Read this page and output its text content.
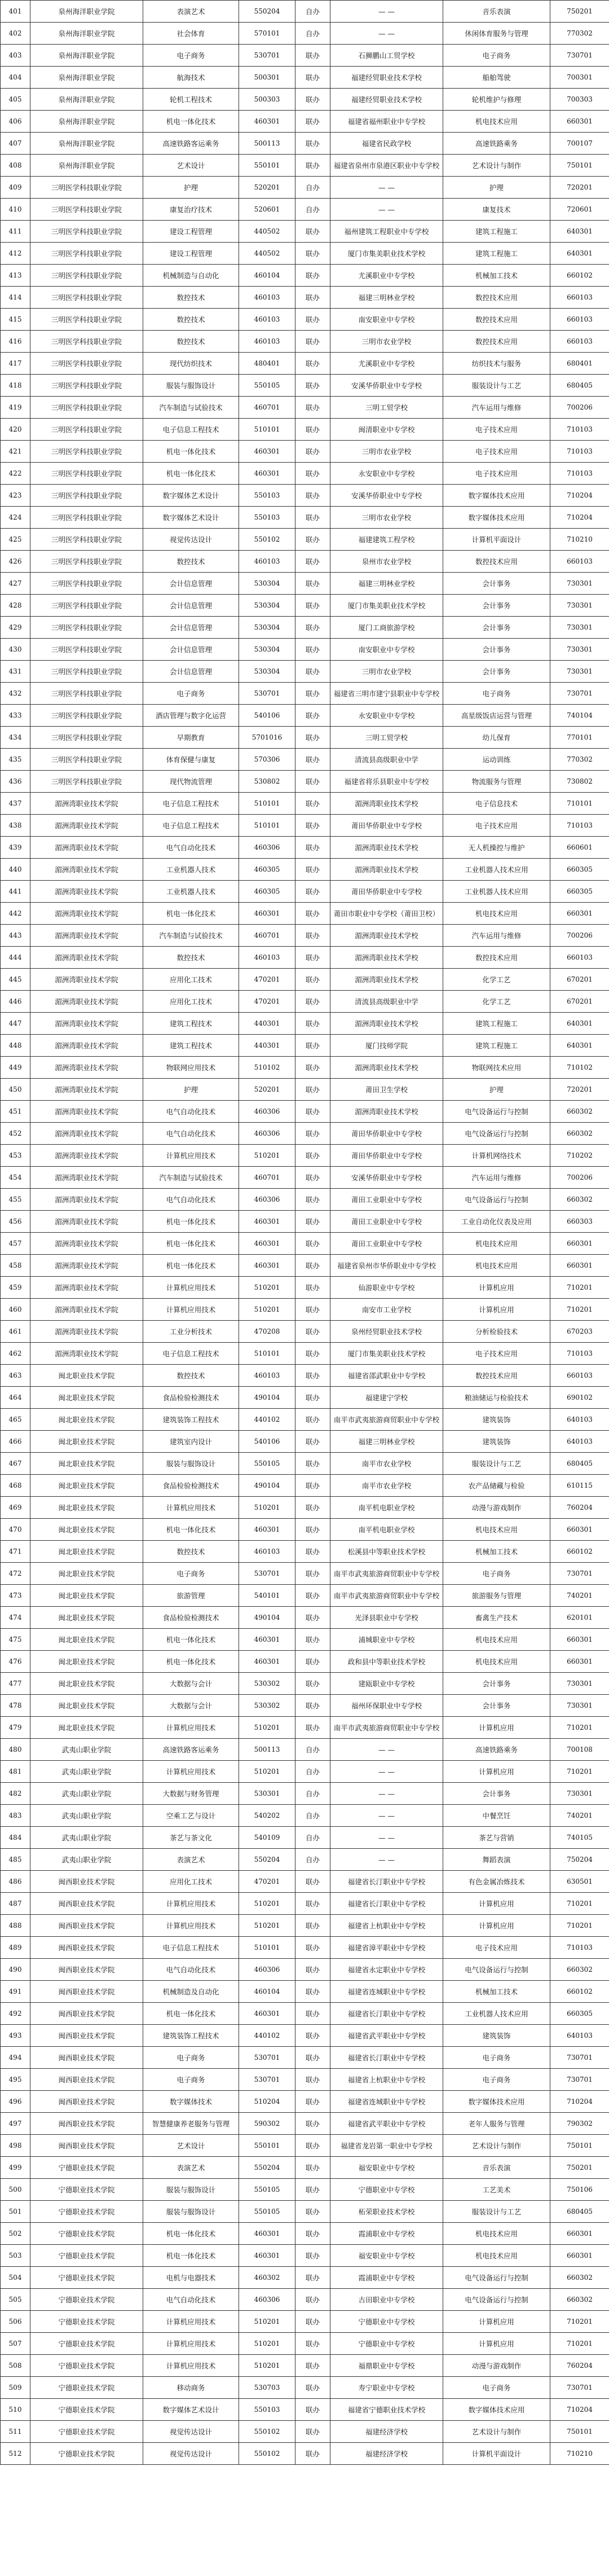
401	泉州海洋职业学院	表演艺术	550204	自办	— —	音乐表演	750201
402	泉州海洋职业学院	社会体育	570101	自办	— —	休闲体育服务与管理	770302
403	泉州海洋职业学院	电子商务	530701	联办	石狮鹏山工贸学校	电子商务	730701
404	泉州海洋职业学院	航海技术	500301	联办	福建经贸职业技术学校	船舶驾驶	700301
405	泉州海洋职业学院	轮机工程技术	500303	联办	福建经贸职业技术学校	轮机维护与修理	700303
406	泉州海洋职业学院	机电一体化技术	460301	联办	福建省福州职业中专学校	机电技术应用	660301
407	泉州海洋职业学院	高速铁路客运乘务	500113	联办	福建省民政学校	高速铁路乘务	700107
408	泉州海洋职业学院	艺术设计	550101	联办	福建省泉州市泉港区职业中专学校	艺术设计与制作	750101
409	三明医学科技职业学院	护理	520201	自办	— —	护理	720201
410	三明医学科技职业学院	康复治疗技术	520601	自办	— —	康复技术	720601
411	三明医学科技职业学院	建设工程管理	440502	联办	福州建筑工程职业中专学校	建筑工程施工	640301
412	三明医学科技职业学院	建设工程管理	440502	联办	厦门市集美职业技术学校	建筑工程施工	640301
413	三明医学科技职业学院	机械制造与自动化	460104	联办	尤溪职业中专学校	机械加工技术	660102
414	三明医学科技职业学院	数控技术	460103	联办	福建三明林业学校	数控技术应用	660103
415	三明医学科技职业学院	数控技术	460103	联办	南安职业中专学校	数控技术应用	660103
416	三明医学科技职业学院	数控技术	460103	联办	三明市农业学校	数控技术应用	660103
417	三明医学科技职业学院	现代纺织技术	480401	联办	尤溪职业中专学校	纺织技术与服务	680401
418	三明医学科技职业学院	服装与服饰设计	550105	联办	安溪华侨职业中专学校	服装设计与工艺	680405
419	三明医学科技职业学院	汽车制造与试验技术	460701	联办	三明工贸学校	汽车运用与维修	700206
420	三明医学科技职业学院	电子信息工程技术	510101	联办	闽清职业中专学校	电子技术应用	710103
421	三明医学科技职业学院	机电一体化技术	460301	联办	三明市农业学校	电子技术应用	710103
422	三明医学科技职业学院	机电一体化技术	460301	联办	永安职业中专学校	电子技术应用	710103
423	三明医学科技职业学院	数字媒体艺术设计	550103	联办	安溪华侨职业中专学校	数字媒体技术应用	710204
424	三明医学科技职业学院	数字媒体艺术设计	550103	联办	三明市农业学校	数字媒体技术应用	710204
425	三明医学科技职业学院	视觉传达设计	550102	联办	福建建筑工程学校	计算机平面设计	710210
426	三明医学科技职业学院	数控技术	460103	联办	泉州市农业学校	数控技术应用	660103
427	三明医学科技职业学院	会计信息管理	530304	联办	福建三明林业学校	会计事务	730301
428	三明医学科技职业学院	会计信息管理	530304	联办	厦门市集美职业技术学校	会计事务	730301
429	三明医学科技职业学院	会计信息管理	530304	联办	厦门工商旅游学校	会计事务	730301
430	三明医学科技职业学院	会计信息管理	530304	联办	南安职业中专学校	会计事务	730301
431	三明医学科技职业学院	会计信息管理	530304	联办	三明市农业学校	会计事务	730301
432	三明医学科技职业学院	电子商务	530701	联办	福建省三明市建宁县职业中专学校	电子商务	730701
433	三明医学科技职业学院	酒店管理与数字化运营	540106	联办	永安职业中专学校	高星级饭店运营与管理	740104
434	三明医学科技职业学院	早期教育	5701016	联办	三明工贸学校	幼儿保育	770101
435	三明医学科技职业学院	体育保健与康复	570306	联办	清流县高级职业中学	运动训练	770302
436	三明医学科技职业学院	现代物流管理	530802	联办	福建省将乐县职业中专学校	物流服务与管理	730802
437	湄洲湾职业技术学院	电子信息工程技术	510101	联办	湄洲湾职业技术学校	电子信息技术	710101
438	湄洲湾职业技术学院	电子信息工程技术	510101	联办	莆田华侨职业中专学校	电子技术应用	710103
439	湄洲湾职业技术学院	电气自动化技术	460306	联办	湄洲湾职业技术学校	无人机操控与维护	660601
440	湄洲湾职业技术学院	工业机器人技术	460305	联办	湄洲湾职业技术学校	工业机器人技术应用	660305
441	湄洲湾职业技术学院	工业机器人技术	460305	联办	莆田华侨职业中专学校	工业机器人技术应用	660305
442	湄洲湾职业技术学院	机电一体化技术	460301	联办	莆田市职业中专学校（莆田卫校）	机电技术应用	660301
443	湄洲湾职业技术学院	汽车制造与试验技术	460701	联办	湄洲湾职业技术学校	汽车运用与维修	700206
444	湄洲湾职业技术学院	数控技术	460103	联办	湄洲湾职业技术学校	数控技术应用	660103
445	湄洲湾职业技术学院	应用化工技术	470201	联办	湄洲湾职业技术学校	化学工艺	670201
446	湄洲湾职业技术学院	应用化工技术	470201	联办	清流县高级职业中学	化学工艺	670201
447	湄洲湾职业技术学院	建筑工程技术	440301	联办	湄洲湾职业技术学校	建筑工程施工	640301
448	湄洲湾职业技术学院	建筑工程技术	440301	联办	厦门技师学院	建筑工程施工	640301
449	湄洲湾职业技术学院	物联网应用技术	510102	联办	湄洲湾职业技术学校	物联网技术应用	710102
450	湄洲湾职业技术学院	护理	520201	联办	莆田卫生学校	护理	720201
451	湄洲湾职业技术学院	电气自动化技术	460306	联办	湄洲湾职业技术学校	电气设备运行与控制	660302
452	湄洲湾职业技术学院	电气自动化技术	460306	联办	莆田华侨职业中专学校	电气设备运行与控制	660302
453	湄洲湾职业技术学院	计算机应用技术	510201	联办	莆田华侨职业中专学校	计算机网络技术	710202
454	湄洲湾职业技术学院	汽车制造与试验技术	460701	联办	安溪华侨职业中专学校	汽车运用与维修	700206
455	湄洲湾职业技术学院	电气自动化技术	460306	联办	莆田工业职业中专学校	电气设备运行与控制	660302
456	湄洲湾职业技术学院	机电一体化技术	460301	联办	莆田工业职业中专学校	工业自动化仪表及应用	660303
457	湄洲湾职业技术学院	机电一体化技术	460301	联办	莆田工业职业中专学校	机电技术应用	660301
458	湄洲湾职业技术学院	机电一体化技术	460301	联办	福建省泉州市华侨职业中专学校	机电技术应用	660301
459	湄洲湾职业技术学院	计算机应用技术	510201	联办	仙游职业中专学校	计算机应用	710201
460	湄洲湾职业技术学院	计算机应用技术	510201	联办	南安市工业学校	计算机应用	710201
461	湄洲湾职业技术学院	工业分析技术	470208	联办	泉州经贸职业技术学校	分析检验技术	670203
462	湄洲湾职业技术学院	电子信息工程技术	510101	联办	厦门市集美职业技术学校	电子技术应用	710103
463	闽北职业技术学院	数控技术	460103	联办	福建省邵武职业中专学校	数控技术应用	660103
464	闽北职业技术学院	食品检验检测技术	490104	联办	福建建宁学校	粮油储运与检验技术	690102
465	闽北职业技术学院	建筑装饰工程技术	440102	联办	南平市武夷旅游商贸职业中专学校	建筑装饰	640103
466	闽北职业技术学院	建筑室内设计	540106	联办	福建三明林业学校	建筑装饰	640103
467	闽北职业技术学院	服装与服饰设计	550105	联办	南平市农业学校	服装设计与工艺	680405
468	闽北职业技术学院	食品检验检测技术	490104	联办	南平市农业学校	农产品储藏与检验	610115
469	闽北职业技术学院	计算机应用技术	510201	联办	南平机电职业学校	动漫与游戏制作	760204
470	闽北职业技术学院	机电一体化技术	460301	联办	南平机电职业学校	机电技术应用	660301
471	闽北职业技术学院	数控技术	460103	联办	松溪县中等职业技术学校	机械加工技术	660102
472	闽北职业技术学院	电子商务	530701	联办	南平市武夷旅游商贸职业中专学校	电子商务	730701
473	闽北职业技术学院	旅游管理	540101	联办	南平市武夷旅游商贸职业中专学校	旅游服务与管理	740201
474	闽北职业技术学院	食品检验检测技术	490104	联办	光泽县职业中专学校	畜禽生产技术	620101
475	闽北职业技术学院	机电一体化技术	460301	联办	浦城职业中专学校	机电技术应用	660301
476	闽北职业技术学院	机电一体化技术	460301	联办	政和县中等职业技术学校	机电技术应用	660301
477	闽北职业技术学院	大数据与会计	530302	联办	建瓯职业中专学校	会计事务	730301
478	闽北职业技术学院	大数据与会计	530302	联办	福州环保职业中专学校	会计事务	730301
479	闽北职业技术学院	计算机应用技术	510201	联办	南平市武夷旅游商贸职业中专学校	计算机应用	710201
480	武夷山职业学院	高速铁路客运乘务	500113	自办	— —	高速铁路乘务	700108
481	武夷山职业学院	计算机应用技术	510201	自办	— —	计算机应用	710201
482	武夷山职业学院	大数据与财务管理	530301	自办	— —	会计事务	730301
483	武夷山职业学院	空乘工艺与设计	540202	自办	— —	中餐烹饪	740201
484	武夷山职业学院	茶艺与茶文化	540109	自办	— —	茶艺与营销	740105
485	武夷山职业学院	表演艺术	550204	自办	— —	舞蹈表演	750204
486	闽西职业技术学院	应用化工技术	470201	联办	福建省长汀职业中专学校	有色金属冶炼技术	630501
487	闽西职业技术学院	计算机应用技术	510201	联办	福建省长汀职业中专学校	计算机应用	710201
488	闽西职业技术学院	计算机应用技术	510201	联办	福建省上杭职业中专学校	计算机应用	710201
489	闽西职业技术学院	电子信息工程技术	510101	联办	福建省漳平职业中专学校	电子技术应用	710103
490	闽西职业技术学院	电气自动化技术	460306	联办	福建省永定职业中专学校	电气设备运行与控制	660302
491	闽西职业技术学院	机械制造及自动化	460104	联办	福建省连城职业中专学校	机械加工技术	660102
492	闽西职业技术学院	机电一体化技术	460301	联办	福建省长汀职业中专学校	工业机器人技术应用	660305
493	闽西职业技术学院	建筑装饰工程技术	440102	联办	福建省武平职业中专学校	建筑装饰	640103
494	闽西职业技术学院	电子商务	530701	联办	福建省长汀职业中专学校	电子商务	730701
495	闽西职业技术学院	电子商务	530701	联办	福建省上杭职业中专学校	电子商务	730701
496	闽西职业技术学院	数字媒体技术	510204	联办	福建省连城职业中专学校	数字媒体技术应用	710204
497	闽西职业技术学院	智慧健康养老服务与管理	590302	联办	福建省武平职业中专学校	老年人服务与管理	790302
498	闽西职业技术学院	艺术设计	550101	联办	福建省龙岩第一职业中专学校	艺术设计与制作	750101
499	宁德职业技术学院	表演艺术	550204	联办	福安职业中专学校	音乐表演	750201
500	宁德职业技术学院	服装与服饰设计	550105	联办	宁德职业中专学校	工艺美术	750106
501	宁德职业技术学院	服装与服饰设计	550105	联办	柘荣职业技术学校	服装设计与工艺	680405
502	宁德职业技术学院	机电一体化技术	460301	联办	霞浦职业中专学校	机电技术应用	660301
503	宁德职业技术学院	机电一体化技术	460301	联办	福安职业中专学校	机电技术应用	660301
504	宁德职业技术学院	电机与电器技术	460302	联办	霞浦职业中专学校	电气设备运行与控制	660302
505	宁德职业技术学院	电气自动化技术	460306	联办	古田职业中专学校	电气设备运行与控制	660302
506	宁德职业技术学院	计算机应用技术	510201	联办	宁德职业中专学校	计算机应用	710201
507	宁德职业技术学院	计算机应用技术	510201	联办	宁德职业中专学校	计算机应用	710201
508	宁德职业技术学院	计算机应用技术	510201	联办	福鼎职业中专学校	动漫与游戏制作	760204
509	宁德职业技术学院	移动商务	530703	联办	寿宁职业中专学校	电子商务	730701
510	宁德职业技术学院	数字媒体艺术设计	550103	联办	福建省宁德职业技术学校	数字媒体技术应用	710204
511	宁德职业技术学院	视觉传达设计	550102	联办	福建经济学校	艺术设计与制作	750101
512	宁德职业技术学院	视觉传达设计	550102	联办	福建经济学校	计算机平面设计	710210
